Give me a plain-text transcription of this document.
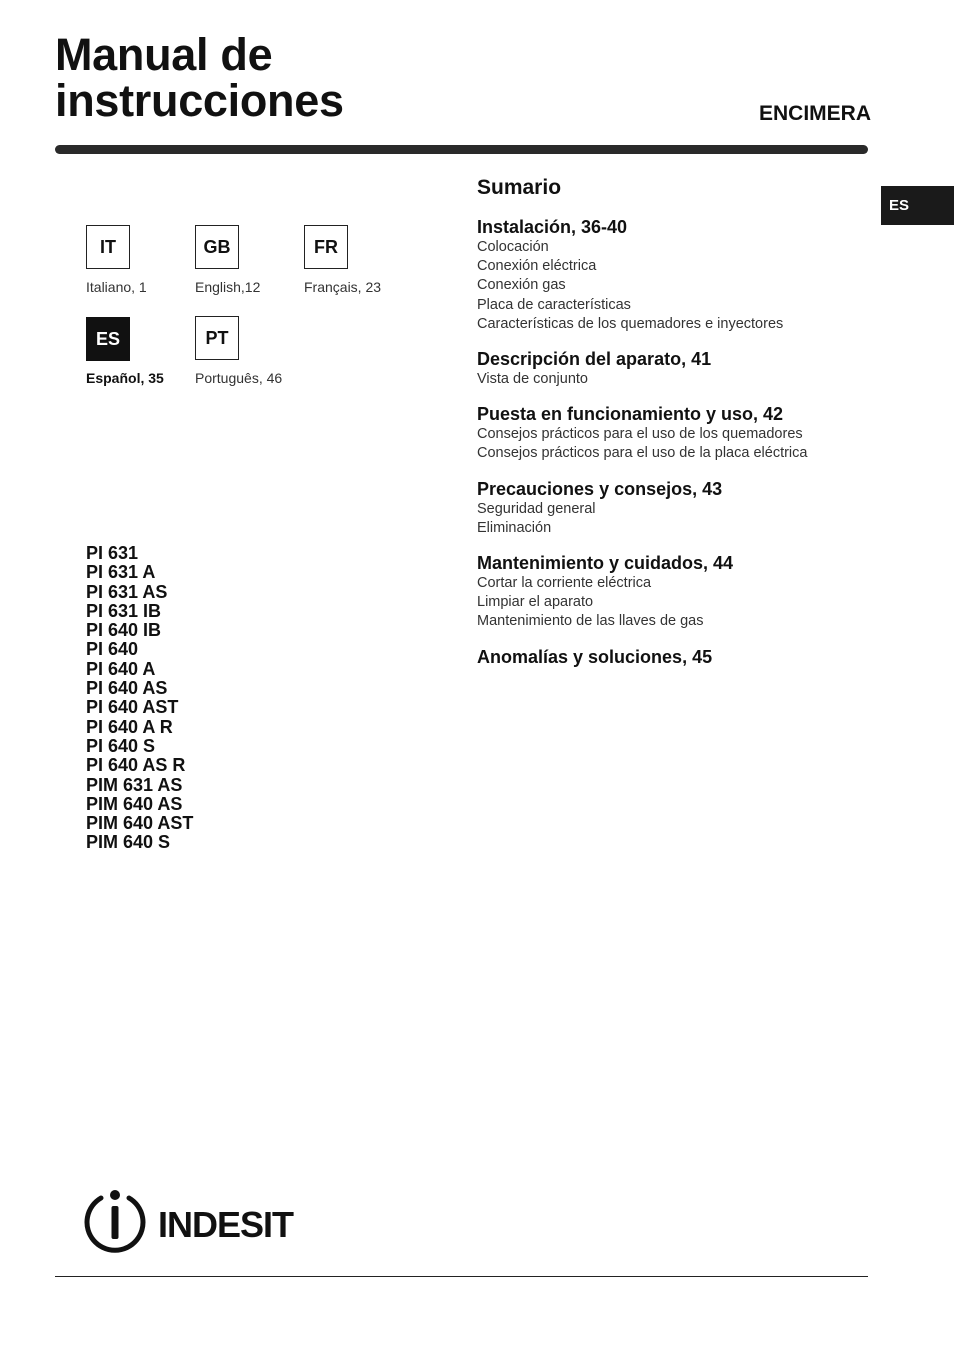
Manual de
instrucciones	ENCIMERA
ES
IT
Italiano, 1
GB
English,12
FR
Français, 23
ES
Español, 35
PT
Português, 46
PI 631
PI 631 A
PI 631 AS
PI 631 IB
PI 640 IB
PI 640
PI 640 A
PI 640 AS
PI 640 AST
PI 640 A R
PI 640 S
PI 640 AS R
PIM 631 AS
PIM 640 AS
PIM 640 AST
PIM 640 S
Sumario
Instalación, 36-40
Colocación
Conexión eléctrica
Conexión gas
Placa de características
Características de los quemadores e inyectores
Descripción del aparato, 41
Vista de conjunto
Puesta en funcionamiento y uso, 42
Consejos prácticos para el uso de los quemadores
Consejos prácticos para el uso de la placa eléctrica
Precauciones y consejos, 43
Seguridad general
Eliminación
Mantenimiento y cuidados, 44
Cortar la corriente eléctrica
Limpiar el aparato
Mantenimiento de las llaves de gas
Anomalías y soluciones, 45
INDESIT
